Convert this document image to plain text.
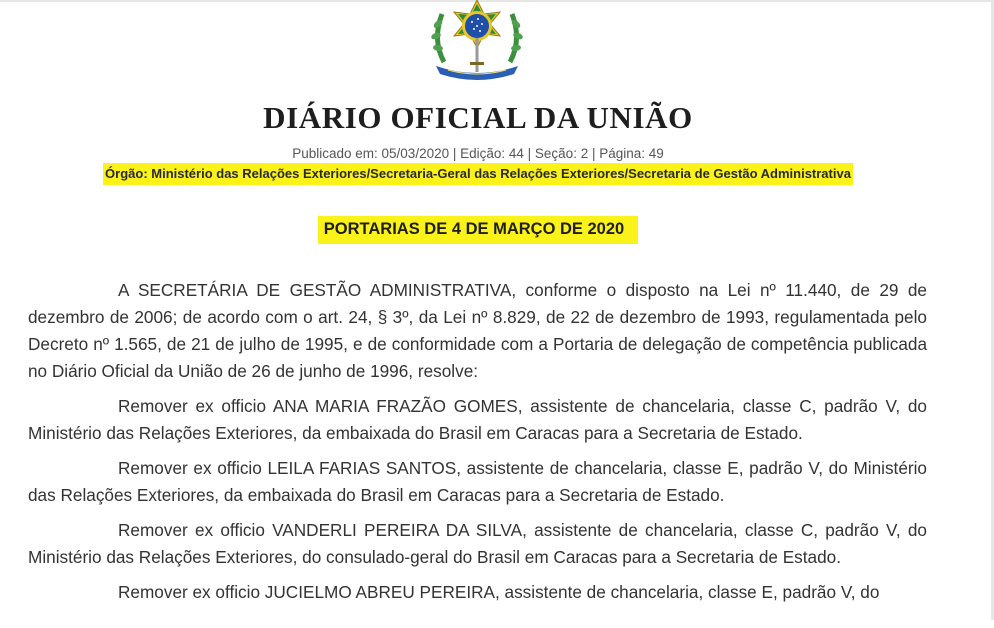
DIÁRIO OFICIAL DA UNIÃO
Publicado em: 05/03/2020 | Edição: 44 | Seção: 2 | Página: 49
Órgão: Ministério das Relações Exteriores/Secretaria-Geral das Relações Exteriores/Secretaria de Gestão Administrativa
PORTARIAS DE 4 DE MARÇO DE 2020

A SECRETÁRIA DE GESTÃO ADMINISTRATIVA, conforme o disposto na Lei nº 11.440, de 29 de dezembro de 2006; de acordo com o art. 24, § 3º, da Lei nº 8.829, de 22 de dezembro de 1993, regulamentada pelo Decreto nº 1.565, de 21 de julho de 1995, e de conformidade com a Portaria de delegação de competência publicada no Diário Oficial da União de 26 de junho de 1996, resolve:

Remover ex officio ANA MARIA FRAZÃO GOMES, assistente de chancelaria, classe C, padrão V, do Ministério das Relações Exteriores, da embaixada do Brasil em Caracas para a Secretaria de Estado.

Remover ex officio LEILA FARIAS SANTOS, assistente de chancelaria, classe E, padrão V, do Ministério das Relações Exteriores, da embaixada do Brasil em Caracas para a Secretaria de Estado.

Remover ex officio VANDERLI PEREIRA DA SILVA, assistente de chancelaria, classe C, padrão V, do Ministério das Relações Exteriores, do consulado-geral do Brasil em Caracas para a Secretaria de Estado.

Remover ex officio JUCIELMO ABREU PEREIRA, assistente de chancelaria, classe E, padrão V, do
